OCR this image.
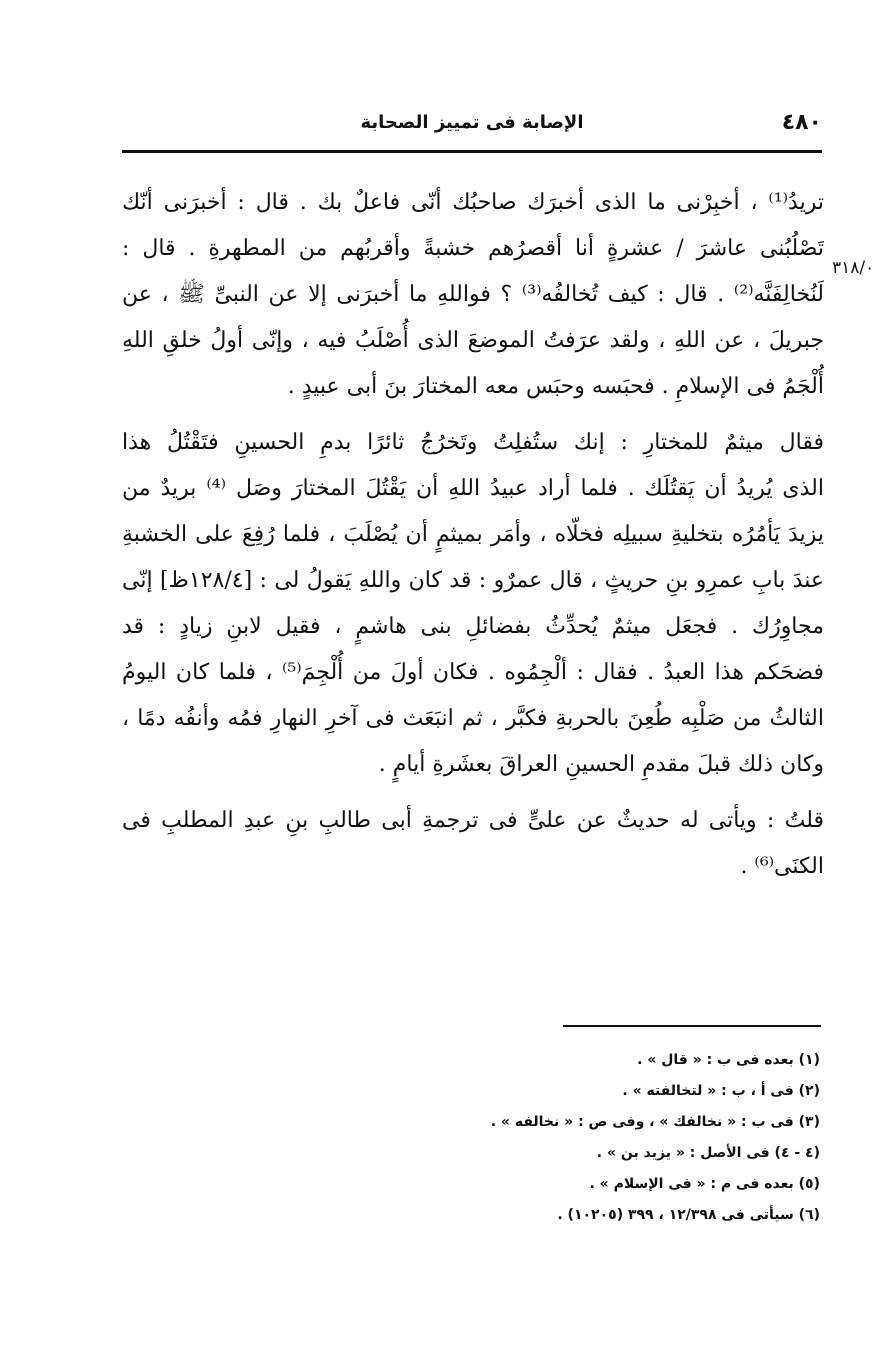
٤٨٠
الإصابة فى تمييز الصحابة
٣١٨/٠

تريدُ⁽¹⁾ ، أخبِرْنى ما الذى أخبرَك صاحبُك أنّى فاعلٌ بك . قال : أخبرَنى أنّك
تَصْلُبُنى عاشرَ / عشرةٍ أنا أقصرُهم خشبةً وأقربُهم من المطهرةِ . قال :
لَنُخالِفَنَّه⁽²⁾ . قال : كيف تُخالفُه⁽³⁾ ؟ فواللهِ ما أخبرَنى إلا عن النبىِّ ﷺ ، عن
جبريلَ ، عن اللهِ ، ولقد عرَفتُ الموضعَ الذى أُصْلَبُ فيه ، وإنّى أولُ خلقِ اللهِ
أُلْجَمُ فى الإسلامِ . فحبَسه وحبَس معه المختارَ بنَ أبى عبيدٍ .

فقال ميثمٌ للمختارِ : إنك ستُفلِتُ وتَخرُجُ ثائرًا بدمِ الحسينِ فتَقْتُلُ هذا
الذى يُريدُ أن يَقتُلَك . فلما أراد عبيدُ اللهِ أن يَقْتُلَ المختارَ وصَل ⁽⁴⁾ بريدٌ من
يزيدَ يَأمُرُه بتخليةِ سبيلِه فخلّاه ، وأمَر بميثمٍ أن يُصْلَبَ ، فلما رُفِعَ على الخشبةِ
عندَ بابِ عمرِو بنِ حريثٍ ، قال عمرٌو : قد كان واللهِ يَقولُ لى : [١٢٨/٤ظ] إنّى
مجاوِرُك . فجعَل ميثمٌ يُحدِّثُ بفضائلِ بنى هاشمٍ ، فقيل لابنِ زيادٍ : قد
فضحَكم هذا العبدُ . فقال : ألْجِمُوه . فكان أولَ من أُلْجِمَ⁽⁵⁾ ، فلما كان اليومُ
الثالثُ من صَلْبِه طُعِنَ بالحربةِ فكبَّر ، ثم انبَعَث فى آخرِ النهارِ فمُه وأنفُه دمًا ،
وكان ذلك قبلَ مقدمِ الحسينِ العراقَ بعشَرةِ أيامٍ .

قلتُ : ويأتى له حديثٌ عن علىٍّ فى ترجمةِ أبى طالبِ بنِ عبدِ المطلبِ فى
الكنَى⁽⁶⁾ .

(١) بعده فى ب : « قال » .
(٢) فى أ ، ب : « لتخالفته » .
(٣) فى ب : « نخالفك » ، وفى ص : « نخالفه » .
(٤ - ٤) فى الأصل : « يزيد بن » .
(٥) بعده فى م : « فى الإسلام » .
(٦) سيأتى فى ١٢/٣٩٨ ، ٣٩٩ (١٠٢٠٥) .
